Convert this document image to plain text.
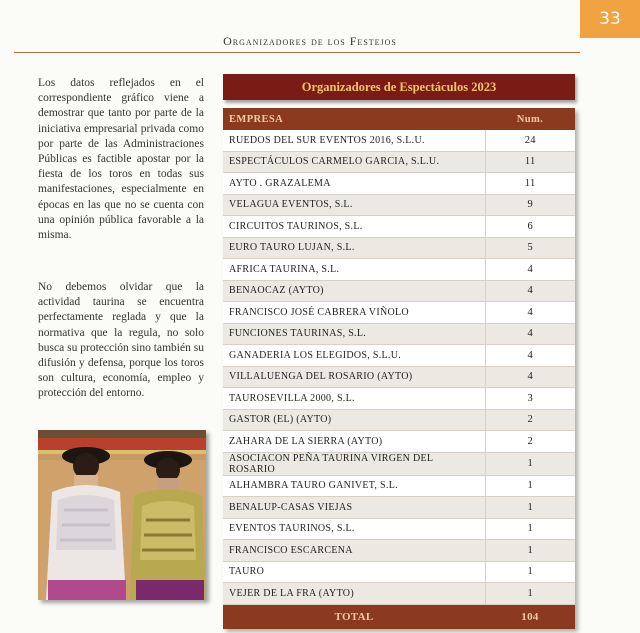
33
Organizadores de los Festejos

Los datos reflejados en el correspondiente gráfico viene a demostrar que tanto por parte de la iniciativa empresarial privada como por parte de las Administraciones Públicas es factible apostar por la fiesta de los toros en todas sus manifestaciones, especialmente en épocas en las que no se cuenta con una opinión pública favorable a la misma.

No debemos olvidar que la actividad taurina se encuentra perfectamente reglada y que la normativa que la regula, no solo busca su protección sino también su difusión y defensa, porque los toros son cultura, economía, empleo y protección del entorno.

Organizadores de Espectáculos 2023
EMPRESA	Num.
RUEDOS DEL SUR EVENTOS 2016, S.L.U.	24
ESPECTÁCULOS CARMELO GARCIA, S.L.U.	11
AYTO . GRAZALEMA	11
VELAGUA EVENTOS, S.L.	9
CIRCUITOS TAURINOS, S.L.	6
EURO TAURO LUJAN, S.L.	5
AFRICA TAURINA, S.L.	4
BENAOCAZ (AYTO)	4
FRANCISCO JOSÉ CABRERA VIÑOLO	4
FUNCIONES TAURINAS, S.L.	4
GANADERIA LOS ELEGIDOS, S.L.U.	4
VILLALUENGA DEL ROSARIO (AYTO)	4
TAUROSEVILLA 2000, S.L.	3
GASTOR (EL) (AYTO)	2
ZAHARA DE LA SIERRA (AYTO)	2
ASOCIACON PEÑA TAURINA VIRGEN DEL ROSARIO	1
ALHAMBRA TAURO GANIVET, S.L.	1
BENALUP-CASAS VIEJAS	1
EVENTOS TAURINOS, S.L.	1
FRANCISCO ESCARCENA	1
TAURO	1
VEJER DE LA FRA (AYTO)	1
TOTAL	104
